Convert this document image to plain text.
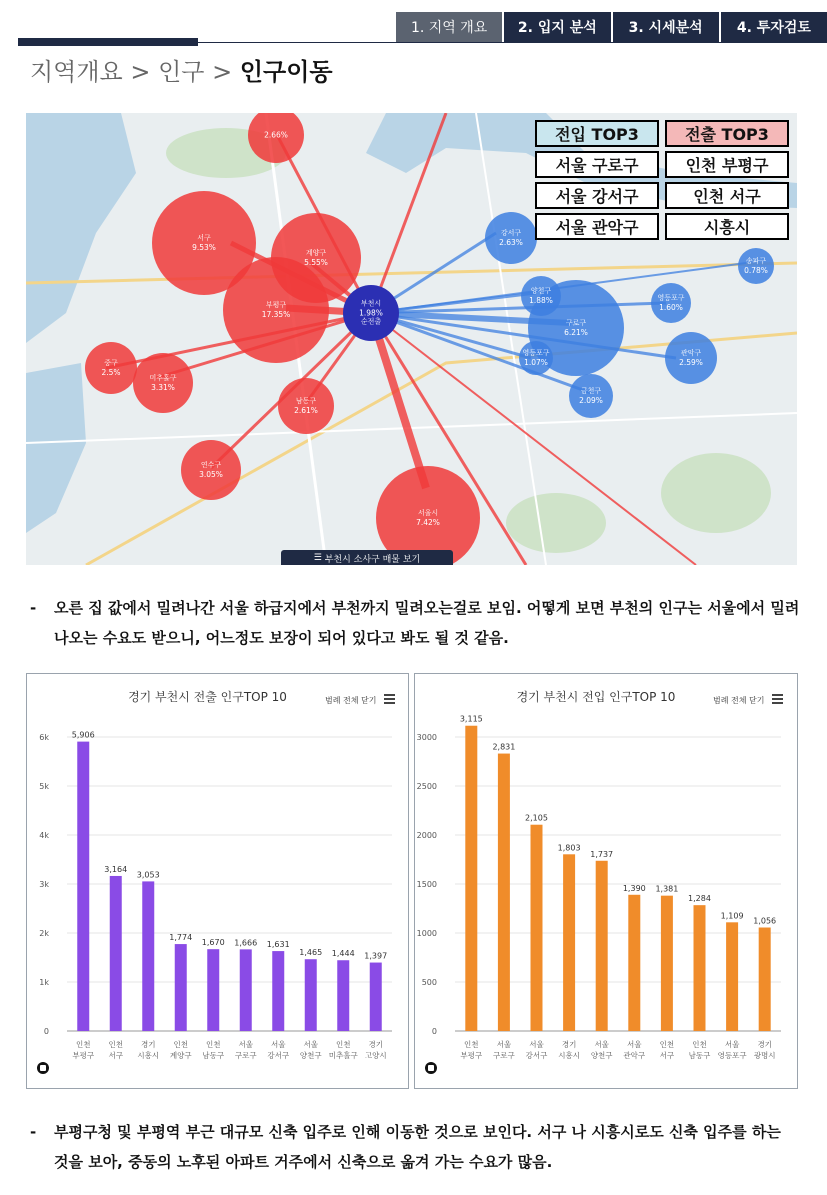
1. 지역 개요	2. 입지 분석	3. 시세분석	4. 투자검토
지역개요 > 인구 > 인구이동
부천시
1.98%
순전출
부평구
17.35%
서구
9.53%
서울시
7.42%
계양구
5.55%
미추홀구
3.31%
연수구
3.05%
2.66%
남동구
2.61%
중구
2.5%
구로구
6.21%
강서구
2.63%
관악구
2.59%
금천구
2.09%
양천구
1.88%	영등포구
1.60%
영등포구
1.07%
송파구
0.78%
전입 TOP3	전출 TOP3
서울 구로구	인천 부평구
서울 강서구	인천 서구
서울 관악구	시흥시
☰ 부천시 소사구 매물 보기
-	오른 집 값에서 밀려나간 서울 하급지에서 부천까지 밀려오는걸로 보임. 어떻게 보면 부천의 인구는 서울에서 밀려나오는 수요도 받으니, 어느정도 보장이 되어 있다고 봐도 될 것 같음.
경기 부천시 전출 인구TOP 10	범례 전체 닫기
0
1k
2k
3k
4k
5k
6k	5,906
인천
부평구
3,164
인천
서구
3,053
경기
시흥시
1,774
인천
계양구
1,670
인천
남동구
1,666
서울
구로구
1,631
서울
강서구
1,465
서울
양천구
1,444
인천
미추홀구
1,397
경기
고양시
경기 부천시 전입 인구TOP 10	범례 전체 닫기
0
500
1000
1500
2000
2500
3000
3,115
인천
부평구
2,831
서울
구로구
2,105
서울
강서구
1,803
경기
시흥시
1,737
서울
양천구
1,390
서울
관악구
1,381
인천
서구
1,284
인천
남동구
1,109
서울
영등포구
1,056
경기
광명시
-	부평구청 및 부평역 부근 대규모 신축 입주로 인해 이동한 것으로 보인다. 서구 나 시흥시로도 신축 입주를 하는 것을 보아, 중동의 노후된 아파트 거주에서 신축으로 옮겨 가는 수요가 많음.
